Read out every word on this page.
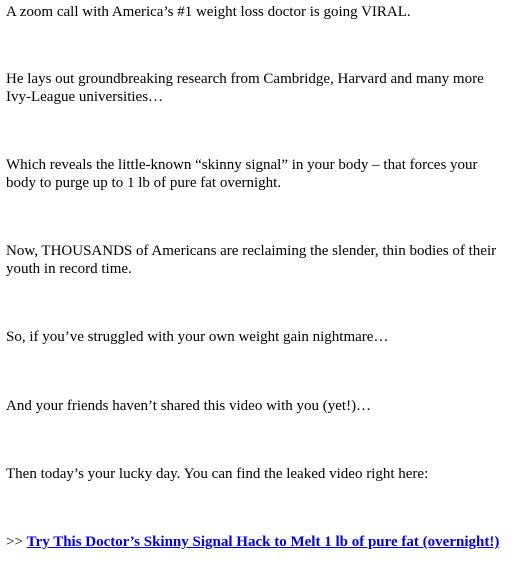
A zoom call with America’s #1 weight loss doctor is going VIRAL.

He lays out groundbreaking research from Cambridge, Harvard and many more Ivy-League universities…

Which reveals the little-known “skinny signal” in your body – that forces your body to purge up to 1 lb of pure fat overnight.

Now, THOUSANDS of Americans are reclaiming the slender, thin bodies of their youth in record time.

So, if you’ve struggled with your own weight gain nightmare…

And your friends haven’t shared this video with you (yet!)…

Then today’s your lucky day. You can find the leaked video right here:

>> Try This Doctor’s Skinny Signal Hack to Melt 1 lb of pure fat (overnight!)
